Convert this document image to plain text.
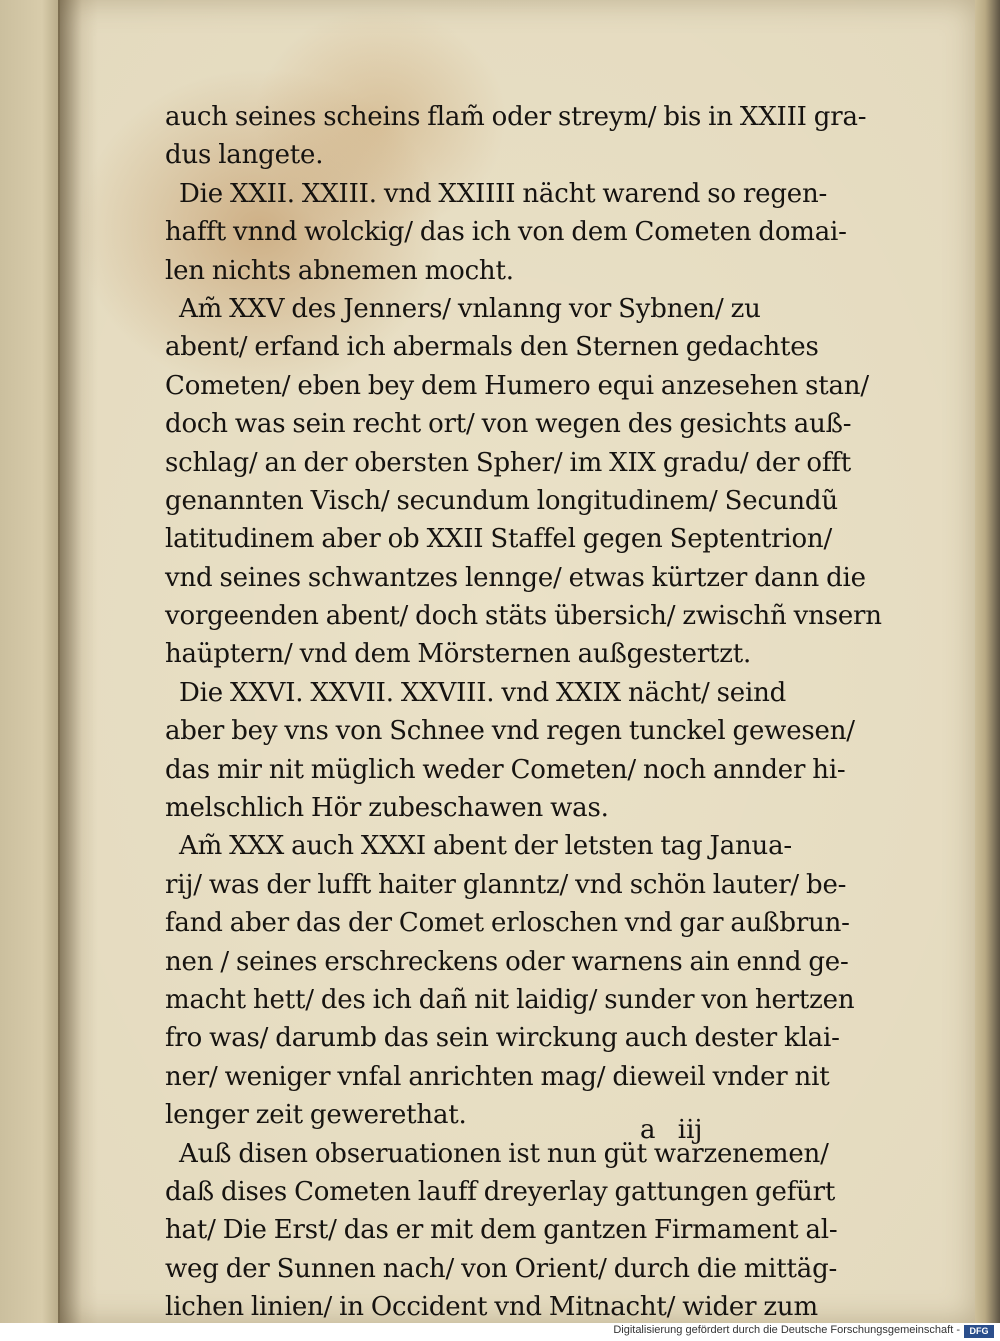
auch seines scheins flam̃ oder streym/ bis in XXIII gra-
dus langete.
Die XXII. XXIII. vnd XXIIII nächt warend so regen-
hafft vnnd wolckig/ das ich von dem Cometen domai-
len nichts abnemen mocht.
Am̃ XXV des Jenners/ vnlanng vor Sybnen/ zu
abent/ erfand ich abermals den Sternen gedachtes
Cometen/ eben bey dem Humero equi anzesehen stan/
doch was sein recht ort/ von wegen des gesichts auß-
schlag/ an der obersten Spher/ im XIX gradu/ der offt
genannten Visch/ secundum longitudinem/ Secundũ
latitudinem aber ob XXII Staffel gegen Septentrion/
vnd seines schwantzes lennge/ etwas kürtzer dann die
vorgeenden abent/ doch stäts übersich/ zwischñ vnsern
haüptern/ vnd dem Mörsternen außgestertzt.
Die XXVI. XXVII. XXVIII. vnd XXIX nächt/ seind
aber bey vns von Schnee vnd regen tunckel gewesen/
das mir nit müglich weder Cometen/ noch annder hi-
melschlich Hör zubeschawen was.
Am̃ XXX auch XXXI abent der letsten tag Janua-
rij/ was der lufft haiter glanntz/ vnd schön lauter/ be-
fand aber das der Comet erloschen vnd gar außbrun-
nen / seines erschreckens oder warnens ain ennd ge-
macht hett/ des ich dañ nit laidig/ sunder von hertzen
fro was/ darumb das sein wirckung auch dester klai-
ner/ weniger vnfal anrichten mag/ dieweil vnder nit
lenger zeit gewerethat.
Auß disen obseruationen ist nun güt warzenemen/
daß dises Cometen lauff dreyerlay gattungen gefürt
hat/ Die Erst/ das er mit dem gantzen Firmament al-
weg der Sunnen nach/ von Orient/ durch die mittäg-
lichen linien/ in Occident vnd Mitnacht/ wider zum
a iij
Digitalisierung gefördert durch die Deutsche Forschungsgemeinschaft -	DFG
